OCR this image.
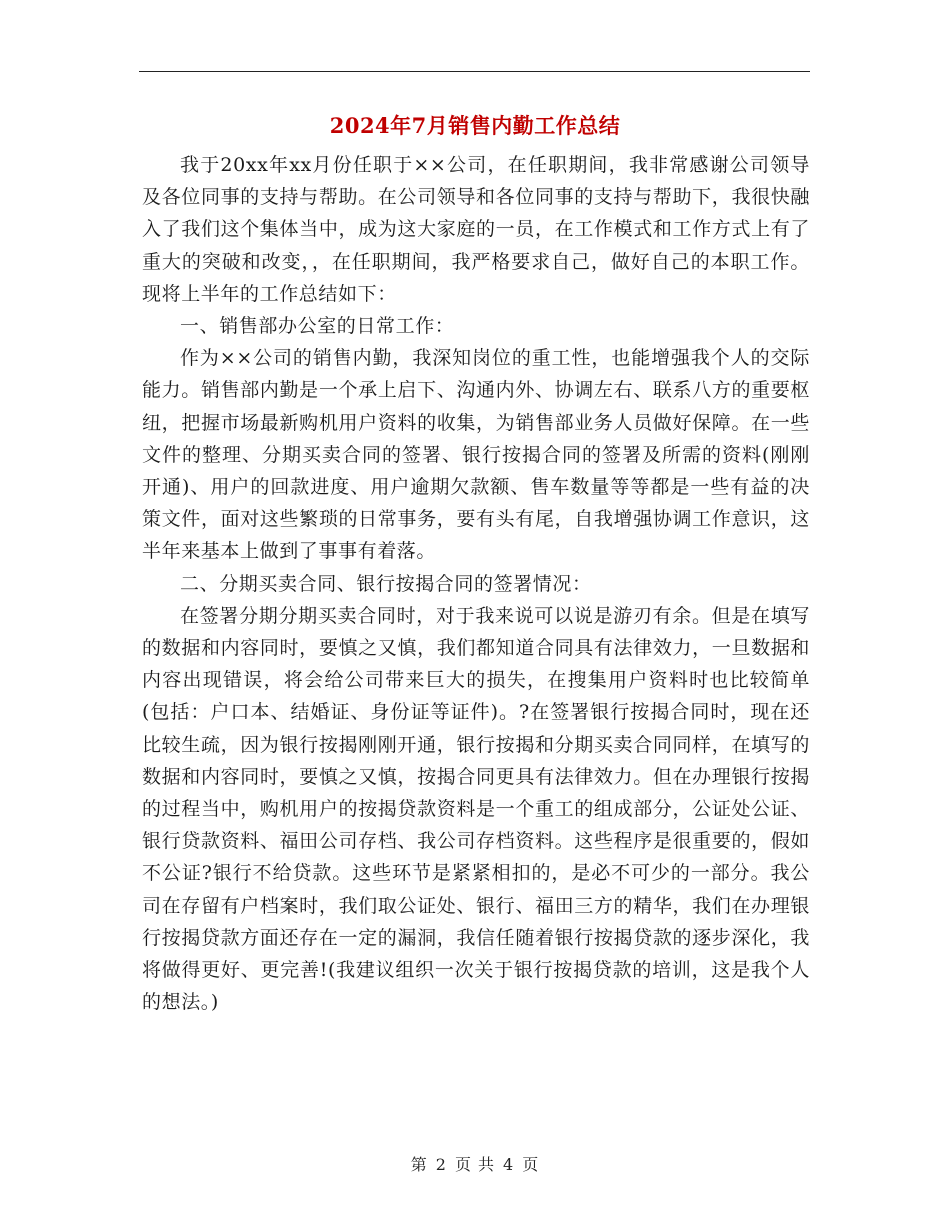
2024年7月销售内勤工作总结

我于20xx年xx月份任职于××公司，在任职期间，我非常感谢公司领导及各位同事的支持与帮助。在公司领导和各位同事的支持与帮助下，我很快融入了我们这个集体当中，成为这大家庭的一员，在工作模式和工作方式上有了重大的突破和改变，，在任职期间，我严格要求自己，做好自己的本职工作。现将上半年的工作总结如下：

一、销售部办公室的日常工作：

作为××公司的销售内勤，我深知岗位的重工性，也能增强我个人的交际能力。销售部内勤是一个承上启下、沟通内外、协调左右、联系八方的重要枢纽，把握市场最新购机用户资料的收集，为销售部业务人员做好保障。在一些文件的整理、分期买卖合同的签署、银行按揭合同的签署及所需的资料(刚刚开通)、用户的回款进度、用户逾期欠款额、售车数量等等都是一些有益的决策文件，面对这些繁琐的日常事务，要有头有尾，自我增强协调工作意识，这半年来基本上做到了事事有着落。

二、分期买卖合同、银行按揭合同的签署情况：

在签署分期分期买卖合同时，对于我来说可以说是游刃有余。但是在填写的数据和内容同时，要慎之又慎，我们都知道合同具有法律效力，一旦数据和内容出现错误，将会给公司带来巨大的损失，在搜集用户资料时也比较简单(包括：户口本、结婚证、身份证等证件)。?在签署银行按揭合同时，现在还比较生疏，因为银行按揭刚刚开通，银行按揭和分期买卖合同同样，在填写的数据和内容同时，要慎之又慎，按揭合同更具有法律效力。但在办理银行按揭的过程当中，购机用户的按揭贷款资料是一个重工的组成部分，公证处公证、银行贷款资料、福田公司存档、我公司存档资料。这些程序是很重要的，假如不公证?银行不给贷款。这些环节是紧紧相扣的，是必不可少的一部分。我公司在存留有户档案时，我们取公证处、银行、福田三方的精华，我们在办理银行按揭贷款方面还存在一定的漏洞，我信任随着银行按揭贷款的逐步深化，我将做得更好、更完善!(我建议组织一次关于银行按揭贷款的培训，这是我个人的想法。)

第 2 页 共 4 页
